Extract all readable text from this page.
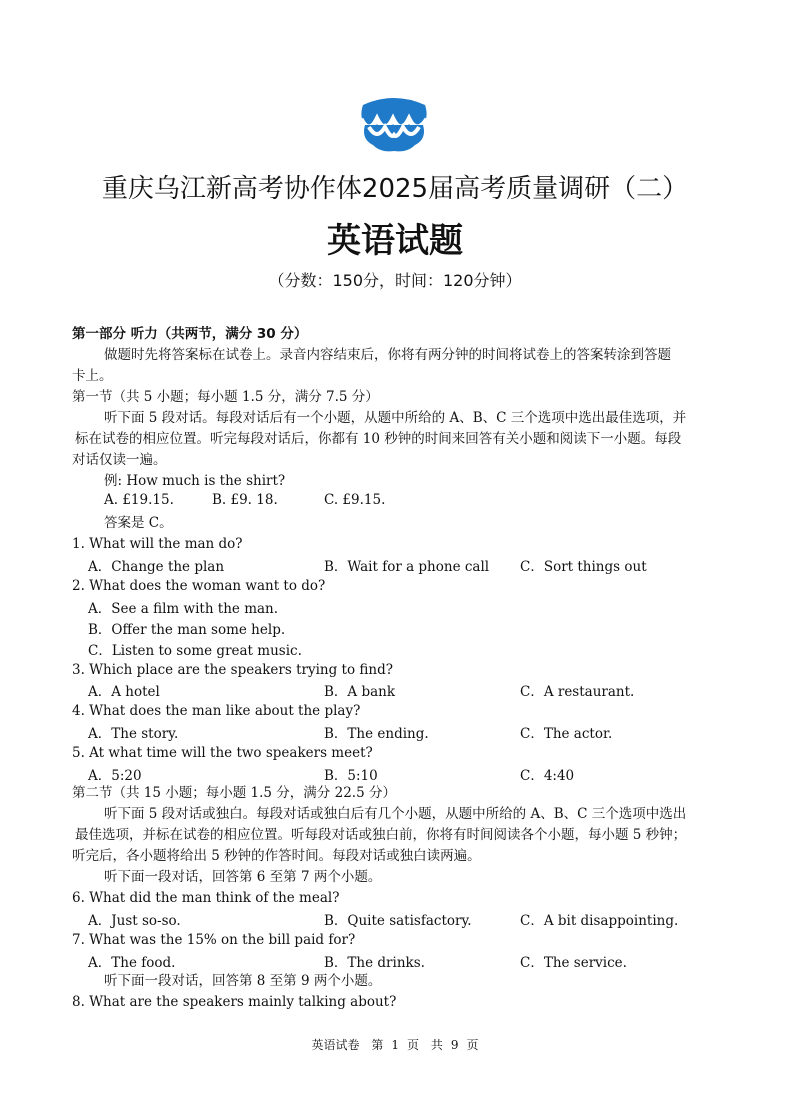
重庆乌江新高考协作体2025届高考质量调研（二）
英语试题
（分数：150分，时间：120分钟）
第一部分 听力（共两节，满分 30 分）
做题时先将答案标在试卷上。录音内容结束后，你将有两分钟的时间将试卷上的答案转涂到答题
卡上。
第一节（共 5 小题；每小题 1.5 分，满分 7.5 分）
听下面 5 段对话。每段对话后有一个小题，从题中所给的 A、B、C 三个选项中选出最佳选项，并
标在试卷的相应位置。听完每段对话后，你都有 10 秒钟的时间来回答有关小题和阅读下一小题。每段
对话仅读一遍。
例: How much is the shirt?
A. £19.15.	B. £9. 18.	C. £9.15.
答案是 C。
1. What will the man do?
A．Change the plan	B．Wait for a phone call C．Sort things out
2. What does the woman want to do?
A．See a film with the man.
B．Offer the man some help.
C．Listen to some great music.
3. Which place are the speakers trying to find?
A．A hotel	B．A bank	C．A restaurant.
4. What does the man like about the play?
A．The story.	B．The ending.	C．The actor.
5. At what time will the two speakers meet?
A．5:20	B．5:10	C．4:40
第二节（共 15 小题；每小题 1.5 分，满分 22.5 分）
听下面 5 段对话或独白。每段对话或独白后有几个小题，从题中所给的 A、B、C 三个选项中选出
最佳选项，并标在试卷的相应位置。听每段对话或独白前，你将有时间阅读各个小题，每小题 5 秒钟；
听完后，各小题将给出 5 秒钟的作答时间。每段对话或独白读两遍。
听下面一段对话，回答第 6 至第 7 两个小题。
6. What did the man think of the meal?
A．Just so-so.	B．Quite satisfactory.	C．A bit disappointing.
7. What was the 15% on the bill paid for?
A．The food.	B．The drinks.	C．The service.
听下面一段对话，回答第 8 至第 9 两个小题。
8. What are the speakers mainly talking about?
英语试卷 第 1 页 共 9 页
